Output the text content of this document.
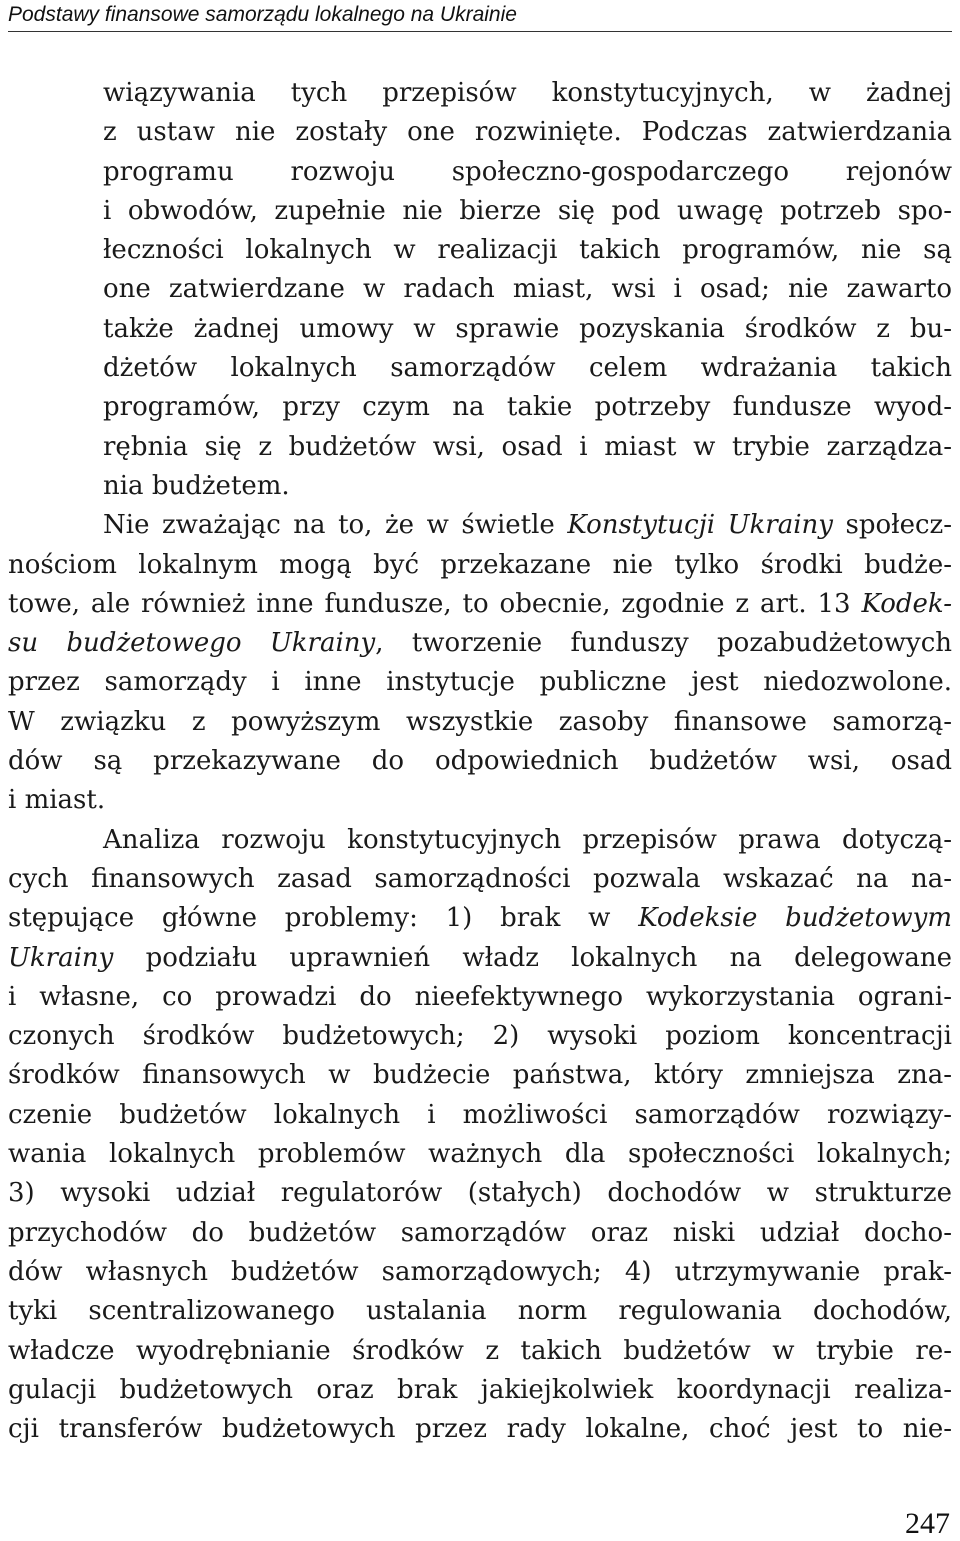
Podstawy finansowe samorządu lokalnego na Ukrainie
wiązywania tych przepisów konstytucyjnych, w żadnej
z ustaw nie zostały one rozwinięte. Podczas zatwierdzania
programu rozwoju społeczno-gospodarczego rejonów
i obwodów, zupełnie nie bierze się pod uwagę potrzeb spo-
łeczności lokalnych w realizacji takich programów, nie są
one zatwierdzane w radach miast, wsi i osad; nie zawarto
także żadnej umowy w sprawie pozyskania środków z bu-
dżetów lokalnych samorządów celem wdrażania takich
programów, przy czym na takie potrzeby fundusze wyod-
rębnia się z budżetów wsi, osad i miast w trybie zarządza-
nia budżetem.
Nie zważając na to, że w świetle Konstytucji Ukrainy społecz-
nościom lokalnym mogą być przekazane nie tylko środki budże-
towe, ale również inne fundusze, to obecnie, zgodnie z art. 13 Kodek-
su budżetowego Ukrainy, tworzenie funduszy pozabudżetowych
przez samorządy i inne instytucje publiczne jest niedozwolone.
W związku z powyższym wszystkie zasoby finansowe samorzą-
dów są przekazywane do odpowiednich budżetów wsi, osad
i miast.
Analiza rozwoju konstytucyjnych przepisów prawa dotyczą-
cych finansowych zasad samorządności pozwala wskazać na na-
stępujące główne problemy: 1) brak w Kodeksie budżetowym
Ukrainy podziału uprawnień władz lokalnych na delegowane
i własne, co prowadzi do nieefektywnego wykorzystania ograni-
czonych środków budżetowych; 2) wysoki poziom koncentracji
środków finansowych w budżecie państwa, który zmniejsza zna-
czenie budżetów lokalnych i możliwości samorządów rozwiązy-
wania lokalnych problemów ważnych dla społeczności lokalnych;
3) wysoki udział regulatorów (stałych) dochodów w strukturze
przychodów do budżetów samorządów oraz niski udział docho-
dów własnych budżetów samorządowych; 4) utrzymywanie prak-
tyki scentralizowanego ustalania norm regulowania dochodów,
władcze wyodrębnianie środków z takich budżetów w trybie re-
gulacji budżetowych oraz brak jakiejkolwiek koordynacji realiza-
cji transferów budżetowych przez rady lokalne, choć jest to nie-
247
